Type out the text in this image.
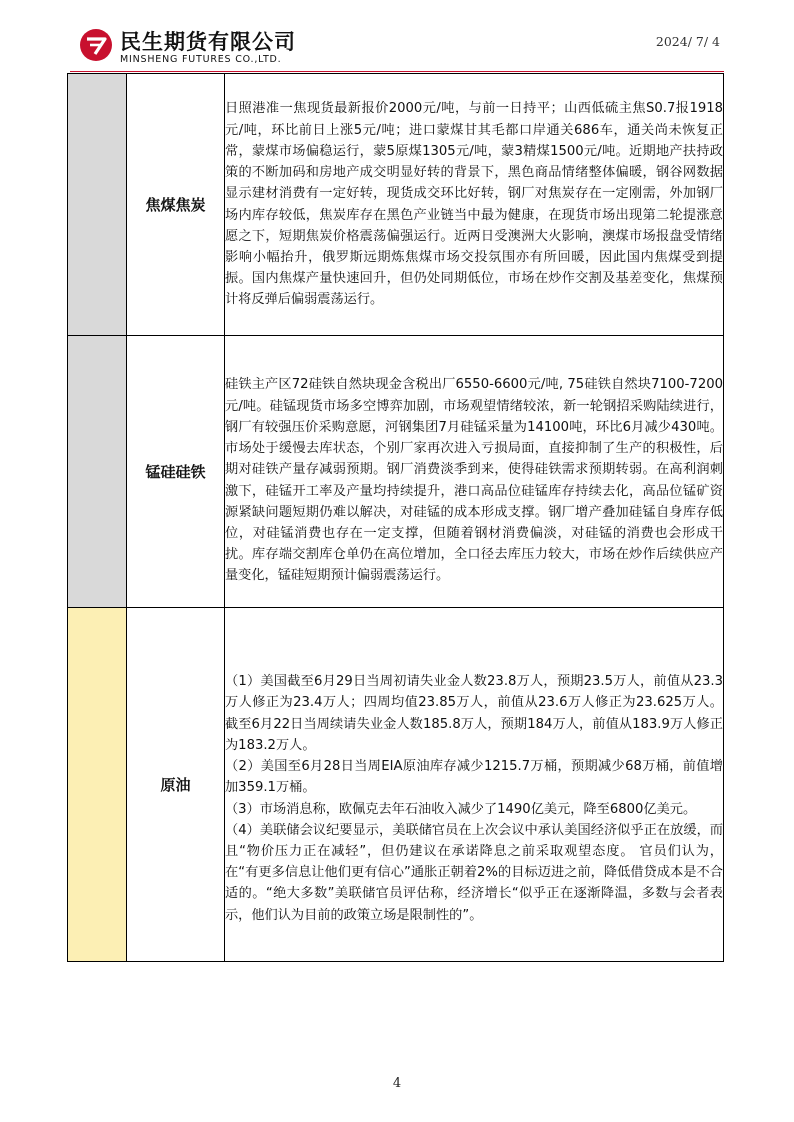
民生期货有限公司
MINSHENG FUTURES CO.,LTD.
2024/ 7/ 4
	焦煤焦炭	日照港准一焦现货最新报价2000元/吨，与前一日持平；山西低硫主焦S0.7报1918元/吨，环比前日上涨5元/吨；进口蒙煤甘其毛都口岸通关686车，通关尚未恢复正常，蒙煤市场偏稳运行，蒙5原煤1305元/吨，蒙3精煤1500元/吨。近期地产扶持政策的不断加码和房地产成交明显好转的背景下，黑色商品情绪整体偏暖，钢谷网数据显示建材消费有一定好转，现货成交环比好转，钢厂对焦炭存在一定刚需，外加钢厂场内库存较低，焦炭库存在黑色产业链当中最为健康，在现货市场出现第二轮提涨意愿之下，短期焦炭价格震荡偏强运行。近两日受澳洲大火影响，澳煤市场报盘受情绪影响小幅抬升，俄罗斯远期炼焦煤市场交投氛围亦有所回暖，因此国内焦煤受到提振。国内焦煤产量快速回升，但仍处同期低位，市场在炒作交割及基差变化，焦煤预计将反弹后偏弱震荡运行。

	锰硅硅铁	硅铁主产区72硅铁自然块现金含税出厂6550-6600元/吨, 75硅铁自然块7100-7200元/吨。硅锰现货市场多空博弈加剧，市场观望情绪较浓，新一轮钢招采购陆续进行，钢厂有较强压价采购意愿，河钢集团7月硅锰采量为14100吨，环比6月减少430吨。市场处于缓慢去库状态，个别厂家再次进入亏损局面，直接抑制了生产的积极性，后期对硅铁产量存减弱预期。钢厂消费淡季到来，使得硅铁需求预期转弱。在高利润刺激下，硅锰开工率及产量均持续提升，港口高品位硅锰库存持续去化，高品位锰矿资源紧缺问题短期仍难以解决，对硅锰的成本形成支撑。钢厂增产叠加硅锰自身库存低位，对硅锰消费也存在一定支撑，但随着钢材消费偏淡，对硅锰的消费也会形成干扰。库存端交割库仓单仍在高位增加，全口径去库压力较大，市场在炒作后续供应产量变化，锰硅短期预计偏弱震荡运行。

	原油	（1）美国截至6月29日当周初请失业金人数23.8万人，预期23.5万人，前值从23.3万人修正为23.4万人；四周均值23.85万人，前值从23.6万人修正为23.625万人。截至6月22日当周续请失业金人数185.8万人，预期184万人，前值从183.9万人修正为183.2万人。

（2）美国至6月28日当周EIA原油库存减少1215.7万桶，预期减少68万桶，前值增加359.1万桶。

（3）市场消息称，欧佩克去年石油收入减少了1490亿美元，降至6800亿美元。

（4）美联储会议纪要显示，美联储官员在上次会议中承认美国经济似乎正在放缓，而且“物价压力正在减轻”，但仍建议在承诺降息之前采取观望态度。 官员们认为，在“有更多信息让他们更有信心”通胀正朝着2%的目标迈进之前，降低借贷成本是不合适的。“绝大多数”美联储官员评估称，经济增长“似乎正在逐渐降温，多数与会者表示，他们认为目前的政策立场是限制性的”。

4
